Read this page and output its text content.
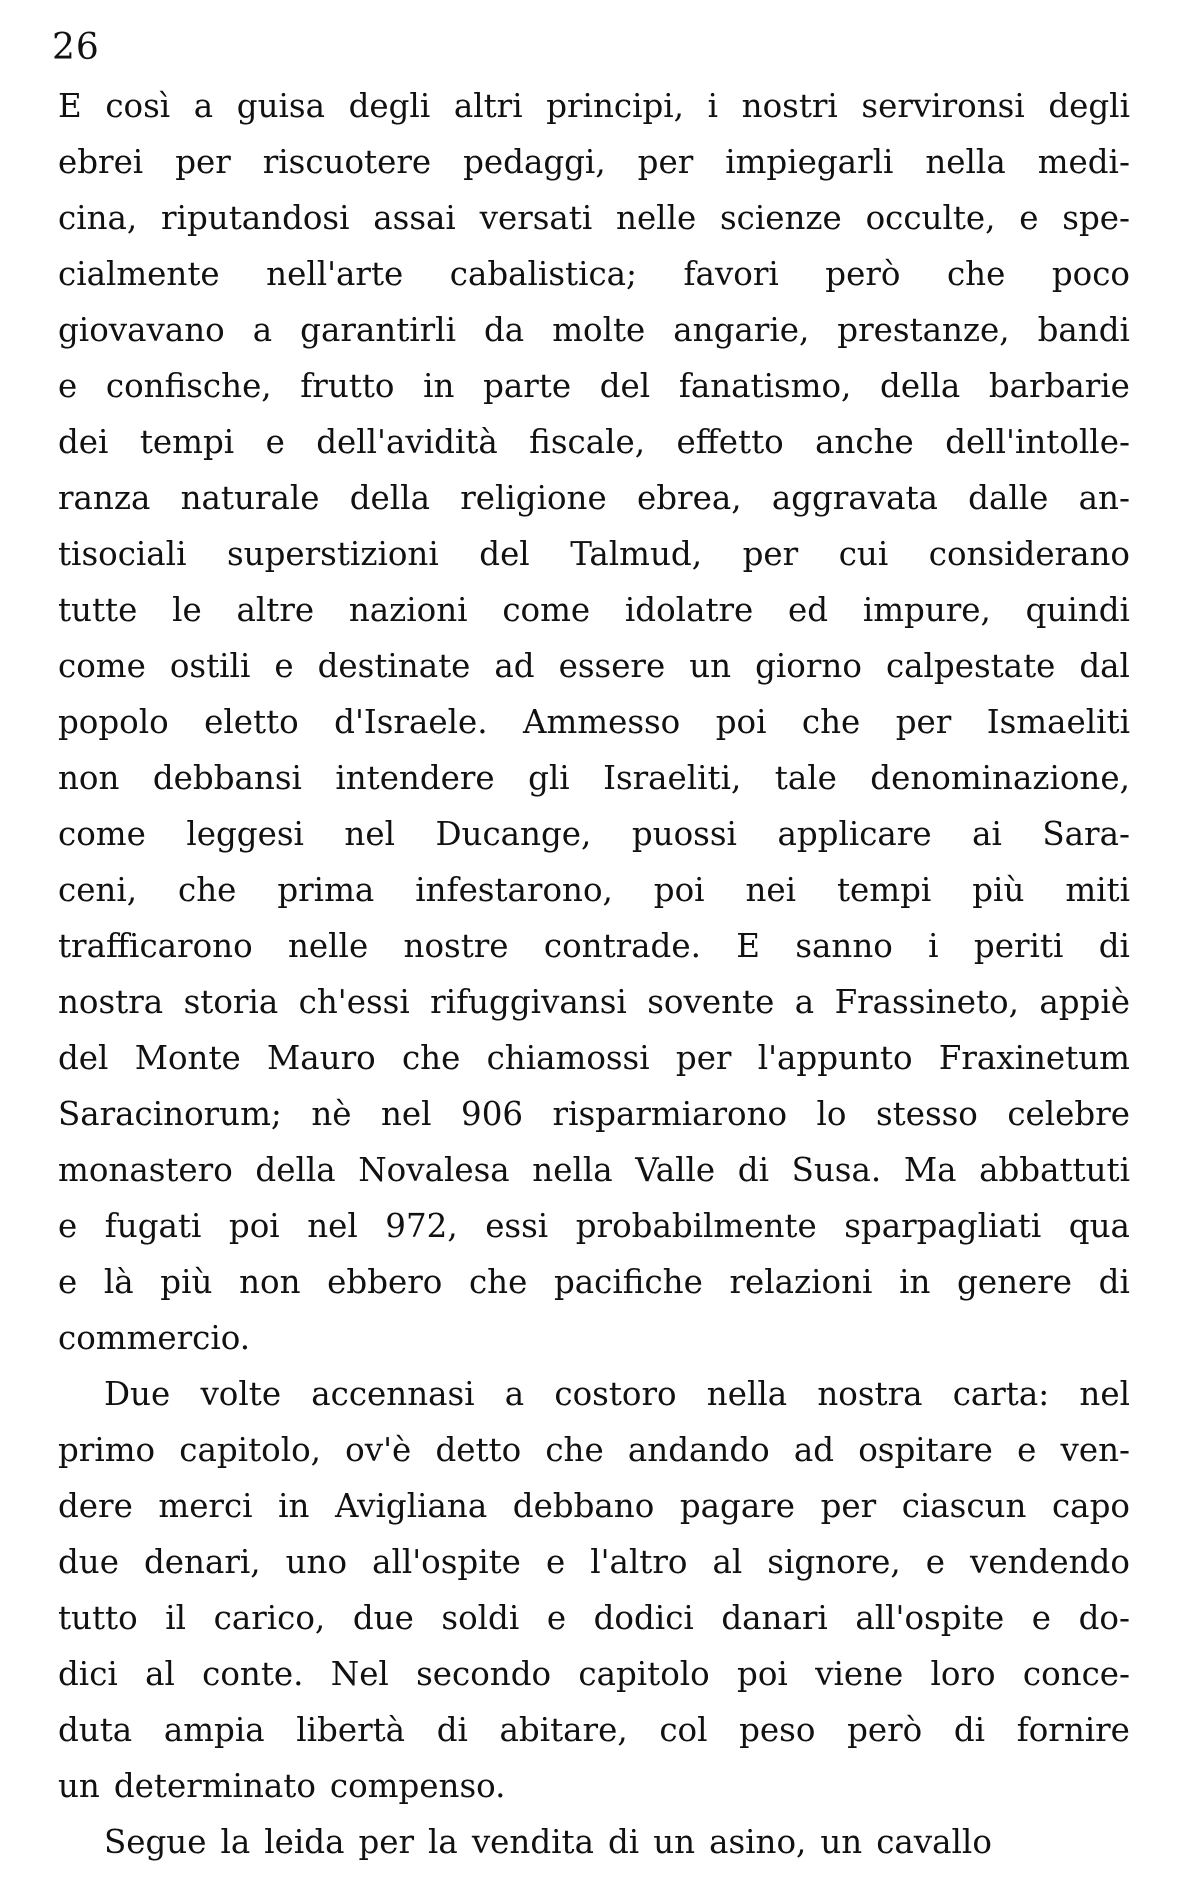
26
E così a guisa degli altri principi, i nostri servironsi degli
ebrei per riscuotere pedaggi, per impiegarli nella medi-
cina, riputandosi assai versati nelle scienze occulte, e spe-
cialmente nell'arte cabalistica; favori però che poco
giovavano a garantirli da molte angarie, prestanze, bandi
e confische, frutto in parte del fanatismo, della barbarie
dei tempi e dell'avidità fiscale, effetto anche dell'intolle-
ranza naturale della religione ebrea, aggravata dalle an-
tisociali superstizioni del Talmud, per cui considerano
tutte le altre nazioni come idolatre ed impure, quindi
come ostili e destinate ad essere un giorno calpestate dal
popolo eletto d'Israele. Ammesso poi che per Ismaeliti
non debbansi intendere gli Israeliti, tale denominazione,
come leggesi nel Ducange, puossi applicare ai Sara-
ceni, che prima infestarono, poi nei tempi più miti
trafficarono nelle nostre contrade. E sanno i periti di
nostra storia ch'essi rifuggivansi sovente a Frassineto, appiè
del Monte Mauro che chiamossi per l'appunto Fraxinetum
Saracinorum; nè nel 906 risparmiarono lo stesso celebre
monastero della Novalesa nella Valle di Susa. Ma abbattuti
e fugati poi nel 972, essi probabilmente sparpagliati qua
e là più non ebbero che pacifiche relazioni in genere di
commercio.
Due volte accennasi a costoro nella nostra carta: nel
primo capitolo, ov'è detto che andando ad ospitare e ven-
dere merci in Avigliana debbano pagare per ciascun capo
due denari, uno all'ospite e l'altro al signore, e vendendo
tutto il carico, due soldi e dodici danari all'ospite e do-
dici al conte. Nel secondo capitolo poi viene loro conce-
duta ampia libertà di abitare, col peso però di fornire
un determinato compenso.
Segue la leida per la vendita di un asino, un cavallo
